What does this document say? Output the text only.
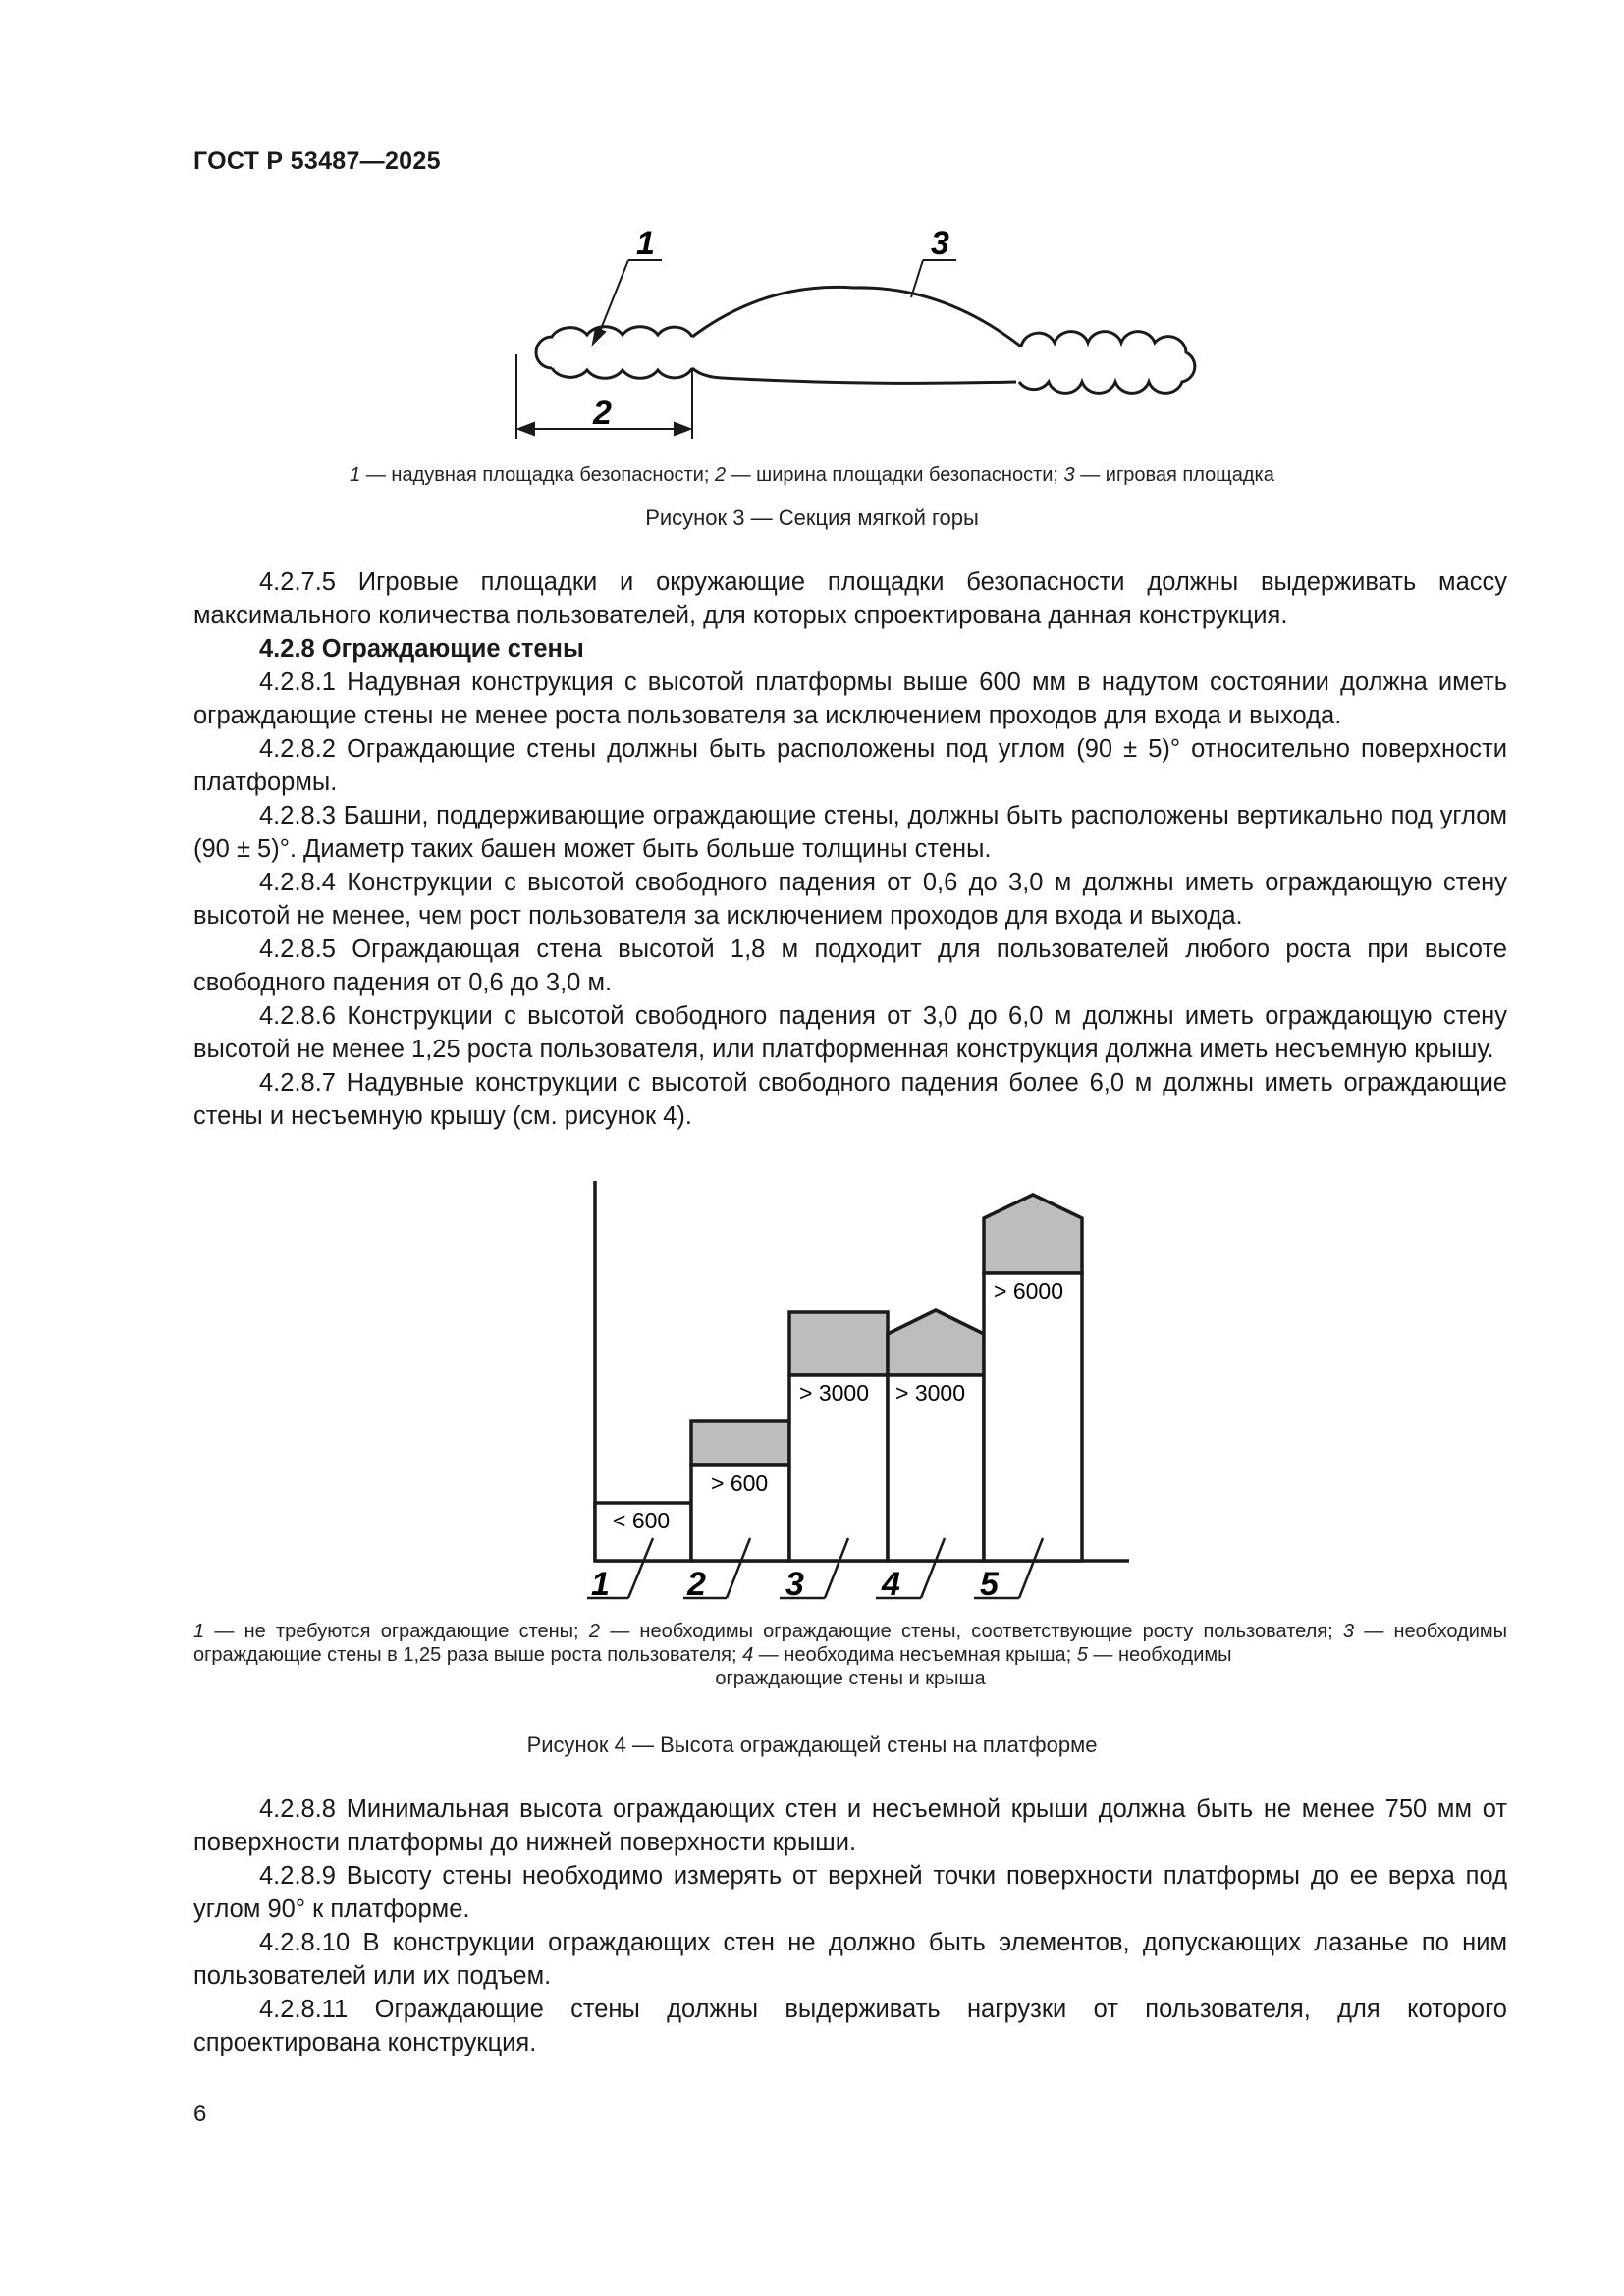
ГОСТ Р 53487—2025
1	3
2
1 — надувная площадка безопасности; 2 — ширина площадки безопасности; 3 — игровая площадка
Рисунок 3 — Секция мягкой горы

4.2.7.5 Игровые площадки и окружающие площадки безопасности должны выдерживать массу максимального количества пользователей, для которых спроектирована данная конструкция.

4.2.8 Ограждающие стены

4.2.8.1 Надувная конструкция с высотой платформы выше 600 мм в надутом состоянии должна иметь ограждающие стены не менее роста пользователя за исключением проходов для входа и выхода.

4.2.8.2 Ограждающие стены должны быть расположены под углом (90 ± 5)° относительно поверхности платформы.

4.2.8.3 Башни, поддерживающие ограждающие стены, должны быть расположены вертикально под углом (90 ± 5)°. Диаметр таких башен может быть больше толщины стены.

4.2.8.4 Конструкции с высотой свободного падения от 0,6 до 3,0 м должны иметь ограждающую стену высотой не менее, чем рост пользователя за исключением проходов для входа и выхода.

4.2.8.5 Ограждающая стена высотой 1,8 м подходит для пользователей любого роста при высоте свободного падения от 0,6 до 3,0 м.

4.2.8.6 Конструкции с высотой свободного падения от 3,0 до 6,0 м должны иметь ограждающую стену высотой не менее 1,25 роста пользователя, или платформенная конструкция должна иметь несъемную крышу.

4.2.8.7 Надувные конструкции с высотой свободного падения более 6,0 м должны иметь ограждающие стены и несъемную крышу (см. рисунок 4).

< 600
> 600
> 3000 > 3000
> 6000
1 2 3 4 5
1 — не требуются ограждающие стены; 2 — необходимы ограждающие стены, соответствующие росту пользователя; 3 — необходимы ограждающие стены в 1,25 раза выше роста пользователя; 4 — необходима несъемная крыша; 5 — необходимы
ограждающие стены и крыша
Рисунок 4 — Высота ограждающей стены на платформе

4.2.8.8 Минимальная высота ограждающих стен и несъемной крыши должна быть не менее 750 мм от поверхности платформы до нижней поверхности крыши.

4.2.8.9 Высоту стены необходимо измерять от верхней точки поверхности платформы до ее верха под углом 90° к платформе.

4.2.8.10 В конструкции ограждающих стен не должно быть элементов, допускающих лазанье по ним пользователей или их подъем.

4.2.8.11 Ограждающие стены должны выдерживать нагрузки от пользователя, для которого спроектирована конструкция.

6
